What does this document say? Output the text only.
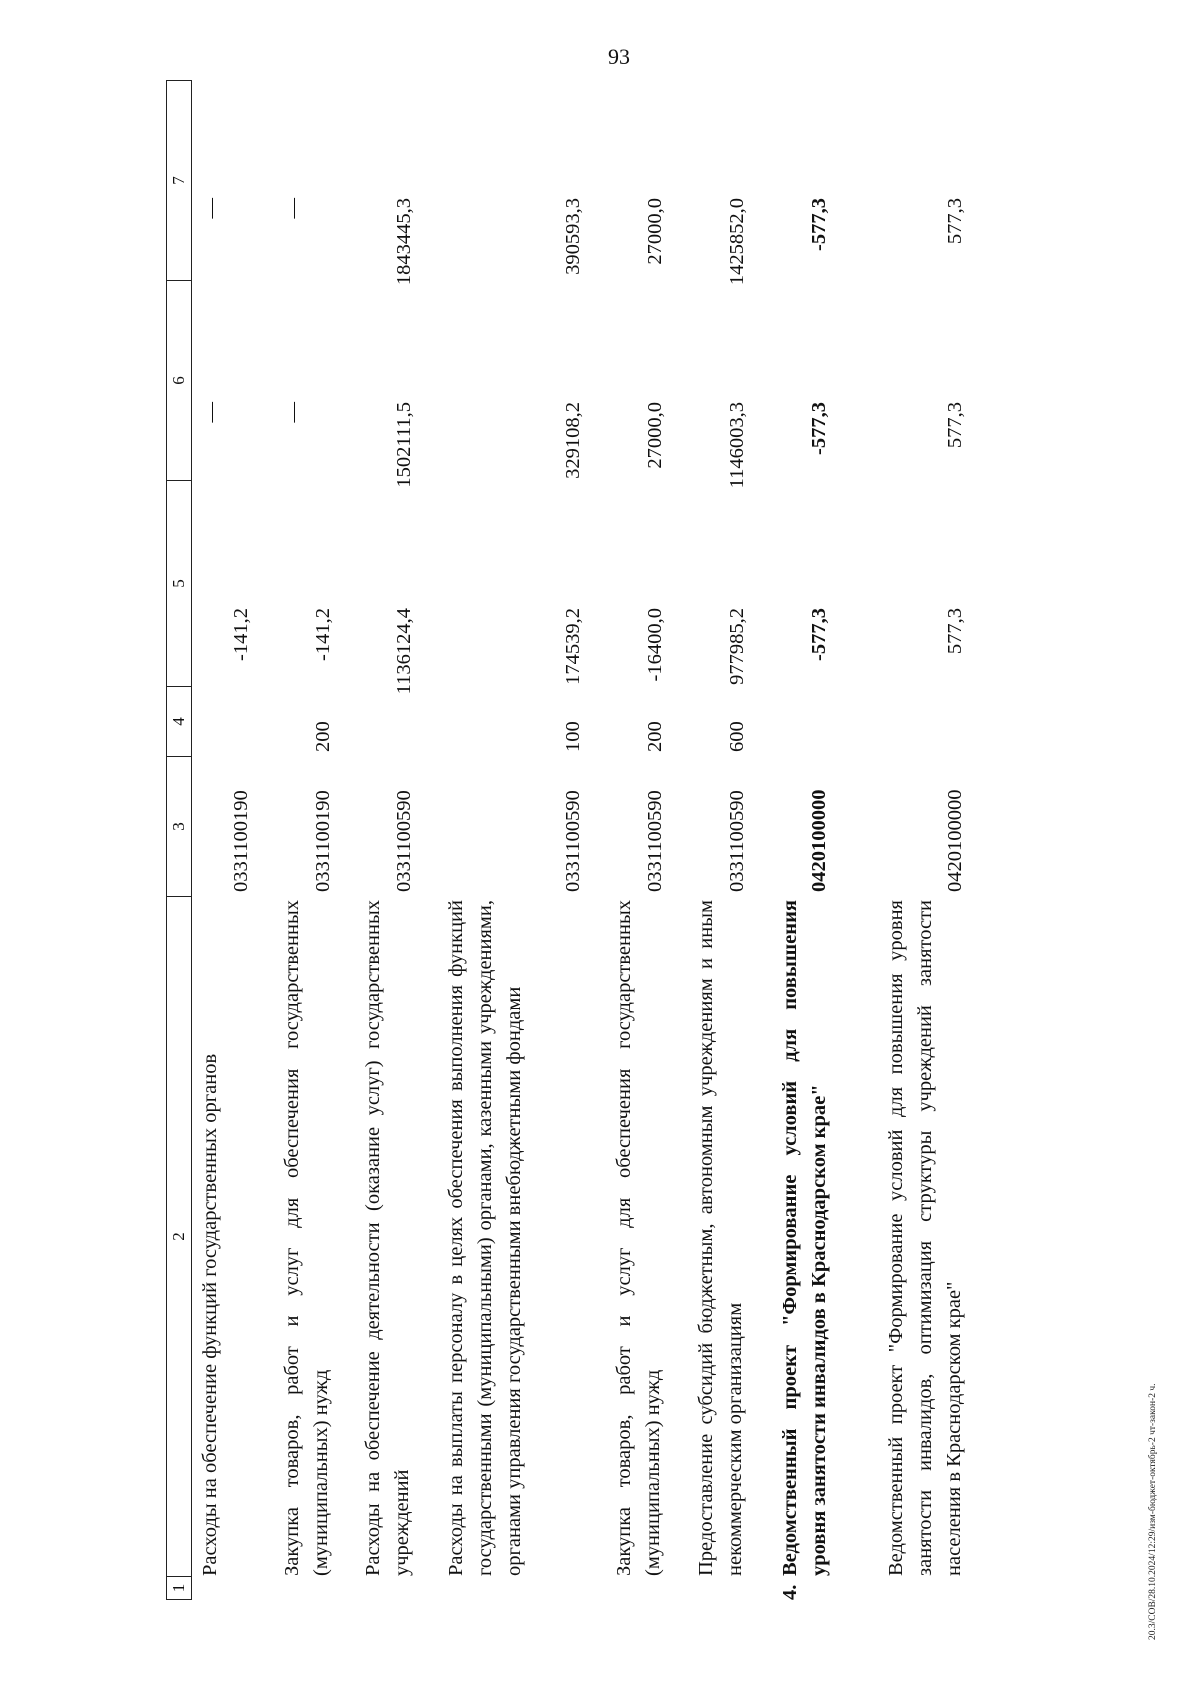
93
20.3/СОВ/28.10.2024/12:29/изм-бюджет-октябрь-2 чт-закон-2 ч.
1
2
3
4
5
6
7
Расходы на обеспечение функций государственных органов
0331100190
-141,2
—
—
Закупка товаров, работ и услуг для обеспечения государственных (муниципальных) нужд
0331100190
200
-141,2
—
—
Расходы на обеспечение деятельности (оказание услуг) государственных учреждений
0331100590
1136124,4
1502111,5
1843445,3
Расходы на выплаты персоналу в целях обеспечения выполнения функций государственными (муниципальными) органами, казенными учреждениями, органами управления государственными внебюджетными фондами
0331100590
100
174539,2
329108,2
390593,3
Закупка товаров, работ и услуг для обеспечения государственных (муниципальных) нужд
0331100590
200
-16400,0
27000,0
27000,0
Предоставление субсидий бюджетным, автономным учреждениям и иным некоммерческим организациям
0331100590
600
977985,2
1146003,3
1425852,0
4.
Ведомственный проект "Формирование условий для повышения уровня занятости инвалидов в Краснодарском крае"
0420100000
-577,3
-577,3
-577,3
Ведомственный проект "Формирование условий для повышения уровня занятости инвалидов, оптимизация структуры учреждений занятости населения в Краснодарском крае"
0420100000
577,3
577,3
577,3
